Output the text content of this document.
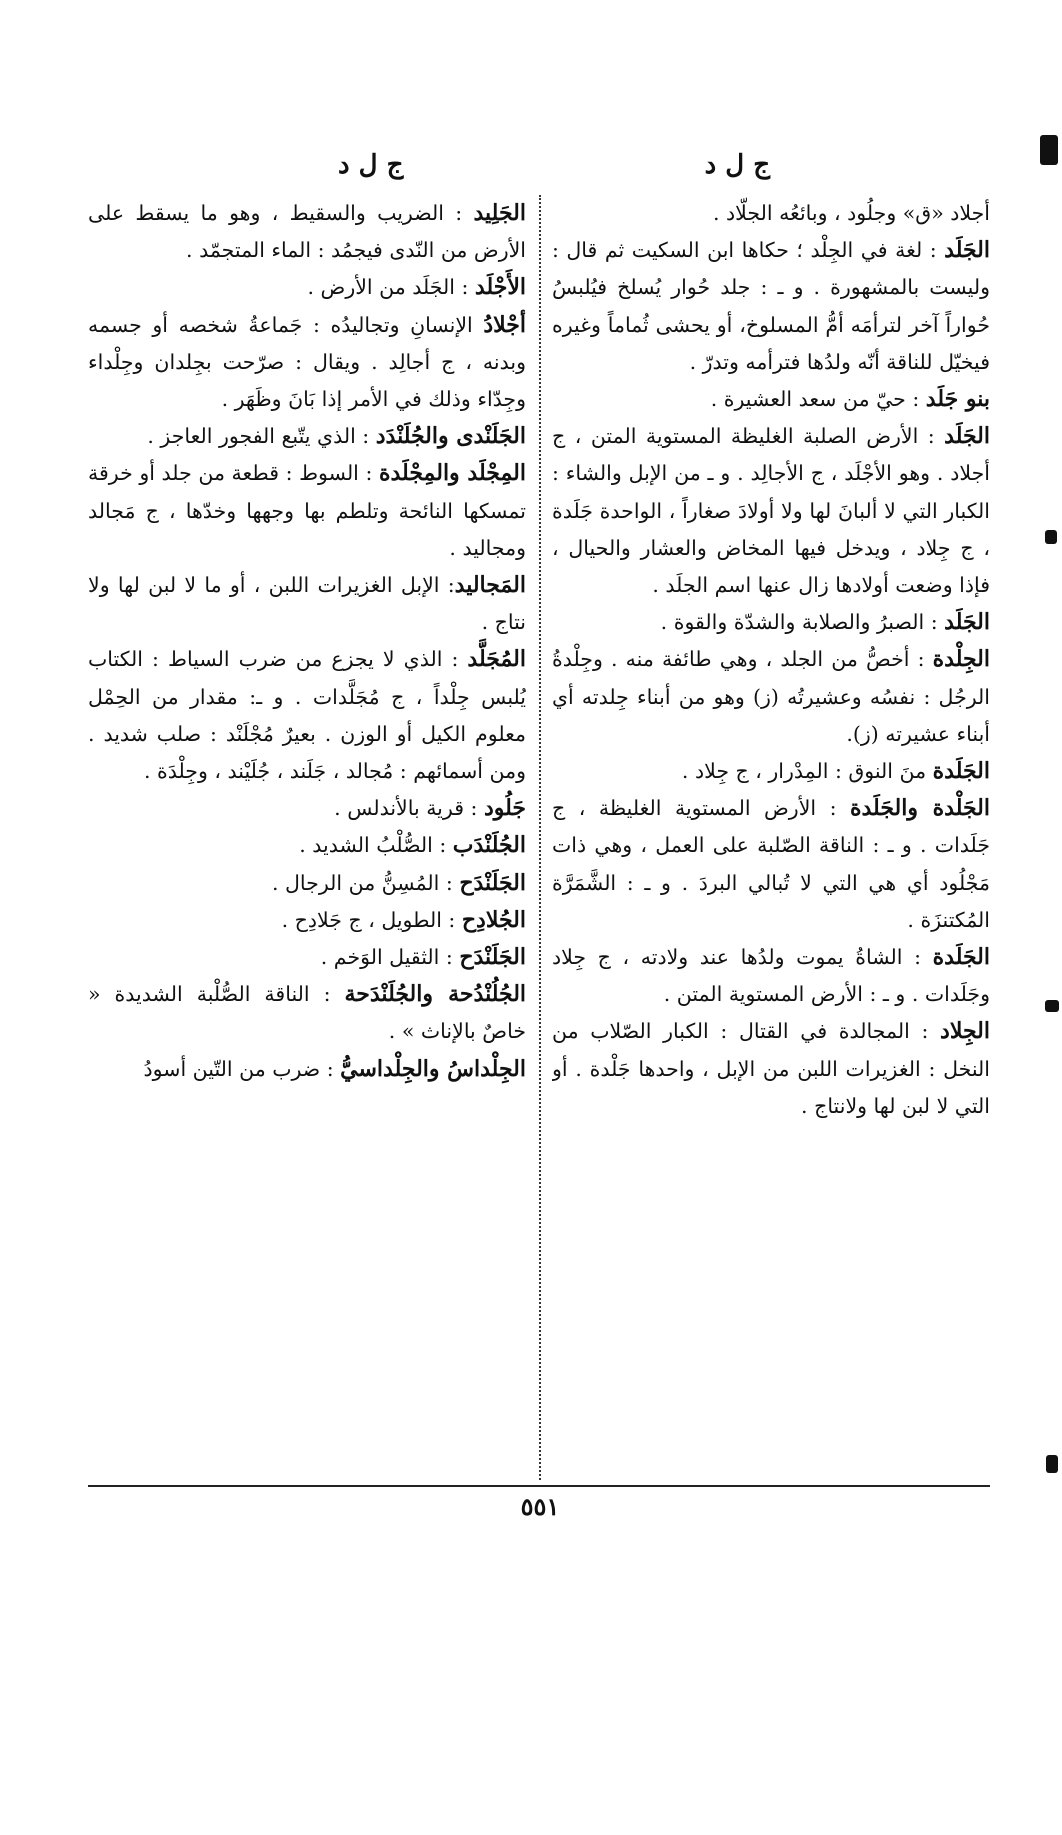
ج ل د
ج ل د

أجلاد «ق» وجلُود ، وبائعُه الجلّاد .

الجَلَد : لغة في الجِلْد ؛ حكاها ابن السكيت ثم قال : وليست بالمشهورة . و ـ : جلد حُوار يُسلخ فيُلبسُ حُواراً آخر لترأمَه أمُّ المسلوخ، أو يحشى ثُماماً وغيره فيخيّل للناقة أنّه ولدُها فترأمه وتدرّ .

بنو جَلَد : حيّ من سعد العشيرة .

الجَلَد : الأرض الصلبة الغليظة المستوية المتن ، ج أجلاد . وهو الأجْلَد ، ج الأجالِد . و ـ من الإبل والشاء : الكبار التي لا ألبانَ لها ولا أولادَ صغاراً ، الواحدة جَلَدة ، ج جِلاد ، ويدخل فيها المخاض والعشار والحيال ، فإذا وضعت أولادها زال عنها اسم الجلَد .

الجَلَد : الصبرُ والصلابة والشدّة والقوة .

الجِلْدة : أخصُّ من الجلد ، وهي طائفة منه . وجِلْدةُ الرجُل : نفسُه وعشيرتُه (ز) وهو من أبناء جِلدته أي أبناء عشيرته (ز).

الجَلَدة منَ النوق : المِدْرار ، ج جِلاد .

الجَلْدة والجَلَدة : الأرض المستوية الغليظة ، ج جَلَدات . و ـ : الناقة الصّلبة على العمل ، وهي ذات مَجْلُود أي هي التي لا تُبالي البردَ . و ـ : الشَّمَرَّة المُكتنزَة .

الجَلَدة : الشاةُ يموت ولدُها عند ولادته ، ج جِلاد وجَلَدات . و ـ : الأرض المستوية المتن .

الجِلاد : المجالدة في القتال : الكبار الصّلاب من النخل : الغزيرات اللبن من الإبل ، واحدها جَلْدة . أو التي لا لبن لها ولانتاج .

الجَلِيد : الضريب والسقيط ، وهو ما يسقط على الأرض من النّدى فيجمُد : الماء المتجمّد .

الأَجْلَد : الجَلَد من الأرض .

أجْلادُ الإنسانِ وتجاليدُه : جَماعةُ شخصه أو جسمه وبدنه ، ج أجالِد . ويقال : صرّحت بجِلدان وجِلْداء وجِدّاء وذلك في الأمر إذا بَانَ وظَهَر .

الجَلَنْدى والجُلَنْدَد : الذي يتّبع الفجور العاجز .

المِجْلَد والمِجْلَدة : السوط : قطعة من جلد أو خرقة تمسكها النائحة وتلطم بها وجهها وخدّها ، ج مَجالد ومجاليد .

المَجاليد: الإبل الغزيرات اللبن ، أو ما لا لبن لها ولا نتاج .

المُجَلَّد : الذي لا يجزع من ضرب السياط : الكتاب يُلبس جِلْداً ، ج مُجَلَّدات . و ـ: مقدار من الحِمْل معلوم الكيل أو الوزن . بعيرٌ مُجْلَنْد : صلب شديد . ومن أسمائهم : مُجالد ، جَلَند ، جُلَيْند ، وجِلْدَة .

جَلُود : قرية بالأندلس .

الجُلَنْدَب : الصُّلْبُ الشديد .

الجَلَنْدَح : المُسِنُّ من الرجال .

الجُلادِح : الطويل ، ج جَلادِح .

الجَلَنْدَح : الثقيل الوَخم .

الجُلُنْدُحة والجُلَنْدَحة : الناقة الصُّلْبة الشديدة « خاصٌ بالإناث » .

الجِلْداسُ والجِلْداسيُّ : ضرب من التّين أسودُ

٥٥١
